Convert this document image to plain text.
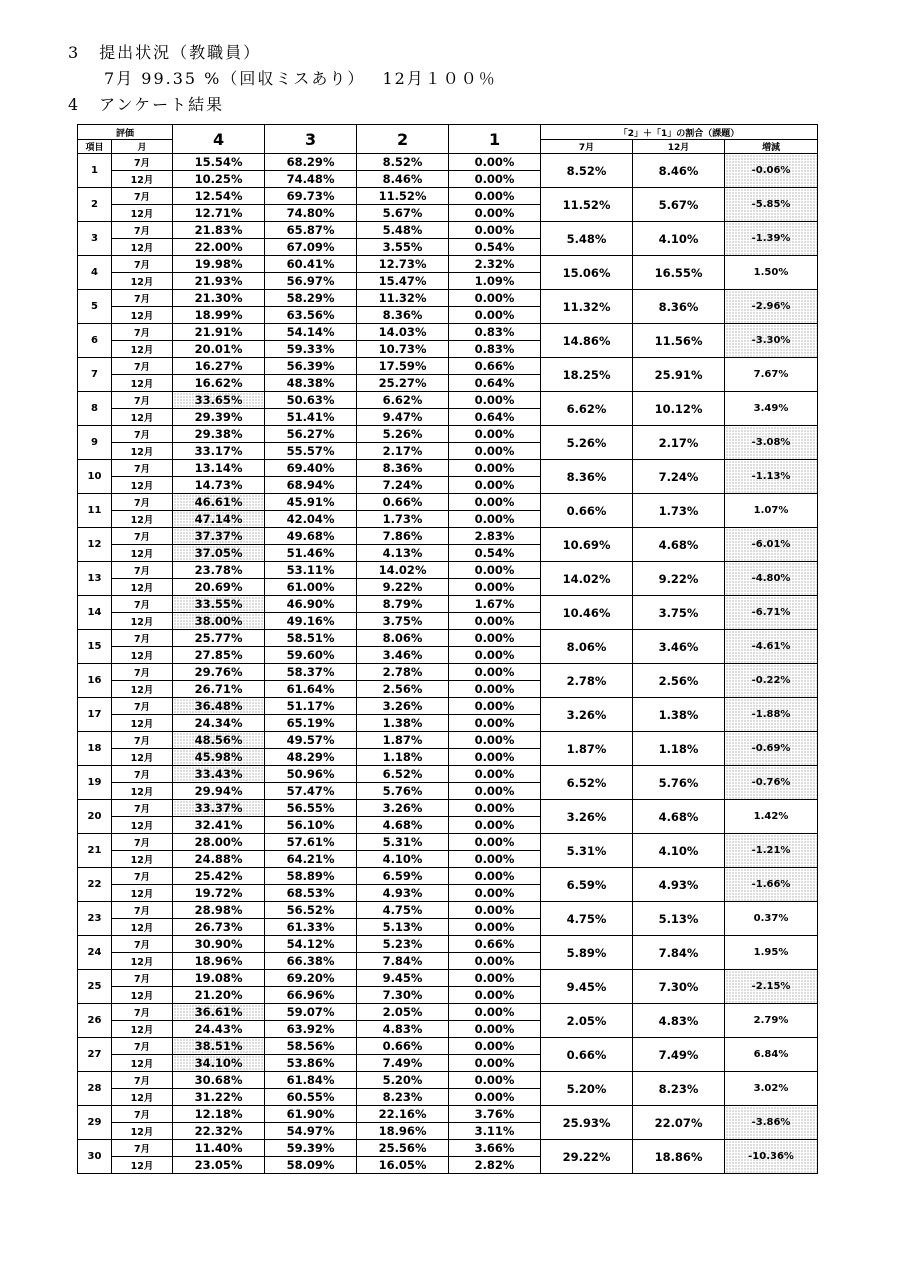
3 提出状況（教職員）
7月 99.35 %（回収ミスあり）　 12月１００％
4 アンケート結果
評価		4	3	2	1	「2」＋「1」の割合（課題）		
項目	月					7月	12月	増減
1	7月	15.54%	68.29%	8.52%	0.00%	8.52%	8.46%	-0.06%
	12月	10.25%	74.48%	8.46%	0.00%			
2	7月	12.54%	69.73%	11.52%	0.00%	11.52%	5.67%	-5.85%
	12月	12.71%	74.80%	5.67%	0.00%			
3	7月	21.83%	65.87%	5.48%	0.00%	5.48%	4.10%	-1.39%
	12月	22.00%	67.09%	3.55%	0.54%			
4	7月	19.98%	60.41%	12.73%	2.32%	15.06%	16.55%	1.50%
	12月	21.93%	56.97%	15.47%	1.09%			
5	7月	21.30%	58.29%	11.32%	0.00%	11.32%	8.36%	-2.96%
	12月	18.99%	63.56%	8.36%	0.00%			
6	7月	21.91%	54.14%	14.03%	0.83%	14.86%	11.56%	-3.30%
	12月	20.01%	59.33%	10.73%	0.83%			
7	7月	16.27%	56.39%	17.59%	0.66%	18.25%	25.91%	7.67%
	12月	16.62%	48.38%	25.27%	0.64%			
8	7月	33.65%	50.63%	6.62%	0.00%	6.62%	10.12%	3.49%
	12月	29.39%	51.41%	9.47%	0.64%			
9	7月	29.38%	56.27%	5.26%	0.00%	5.26%	2.17%	-3.08%
	12月	33.17%	55.57%	2.17%	0.00%			
10	7月	13.14%	69.40%	8.36%	0.00%	8.36%	7.24%	-1.13%
	12月	14.73%	68.94%	7.24%	0.00%			
11	7月	46.61%	45.91%	0.66%	0.00%	0.66%	1.73%	1.07%
	12月	47.14%	42.04%	1.73%	0.00%			
12	7月	37.37%	49.68%	7.86%	2.83%	10.69%	4.68%	-6.01%
	12月	37.05%	51.46%	4.13%	0.54%			
13	7月	23.78%	53.11%	14.02%	0.00%	14.02%	9.22%	-4.80%
	12月	20.69%	61.00%	9.22%	0.00%			
14	7月	33.55%	46.90%	8.79%	1.67%	10.46%	3.75%	-6.71%
	12月	38.00%	49.16%	3.75%	0.00%			
15	7月	25.77%	58.51%	8.06%	0.00%	8.06%	3.46%	-4.61%
	12月	27.85%	59.60%	3.46%	0.00%			
16	7月	29.76%	58.37%	2.78%	0.00%	2.78%	2.56%	-0.22%
	12月	26.71%	61.64%	2.56%	0.00%			
17	7月	36.48%	51.17%	3.26%	0.00%	3.26%	1.38%	-1.88%
	12月	24.34%	65.19%	1.38%	0.00%			
18	7月	48.56%	49.57%	1.87%	0.00%	1.87%	1.18%	-0.69%
	12月	45.98%	48.29%	1.18%	0.00%			
19	7月	33.43%	50.96%	6.52%	0.00%	6.52%	5.76%	-0.76%
	12月	29.94%	57.47%	5.76%	0.00%			
20	7月	33.37%	56.55%	3.26%	0.00%	3.26%	4.68%	1.42%
	12月	32.41%	56.10%	4.68%	0.00%			
21	7月	28.00%	57.61%	5.31%	0.00%	5.31%	4.10%	-1.21%
	12月	24.88%	64.21%	4.10%	0.00%			
22	7月	25.42%	58.89%	6.59%	0.00%	6.59%	4.93%	-1.66%
	12月	19.72%	68.53%	4.93%	0.00%			
23	7月	28.98%	56.52%	4.75%	0.00%	4.75%	5.13%	0.37%
	12月	26.73%	61.33%	5.13%	0.00%			
24	7月	30.90%	54.12%	5.23%	0.66%	5.89%	7.84%	1.95%
	12月	18.96%	66.38%	7.84%	0.00%			
25	7月	19.08%	69.20%	9.45%	0.00%	9.45%	7.30%	-2.15%
	12月	21.20%	66.96%	7.30%	0.00%			
26	7月	36.61%	59.07%	2.05%	0.00%	2.05%	4.83%	2.79%
	12月	24.43%	63.92%	4.83%	0.00%			
27	7月	38.51%	58.56%	0.66%	0.00%	0.66%	7.49%	6.84%
	12月	34.10%	53.86%	7.49%	0.00%			
28	7月	30.68%	61.84%	5.20%	0.00%	5.20%	8.23%	3.02%
	12月	31.22%	60.55%	8.23%	0.00%			
29	7月	12.18%	61.90%	22.16%	3.76%	25.93%	22.07%	-3.86%
	12月	22.32%	54.97%	18.96%	3.11%			
30	7月	11.40%	59.39%	25.56%	3.66%	29.22%	18.86%	-10.36%
	12月	23.05%	58.09%	16.05%	2.82%			
